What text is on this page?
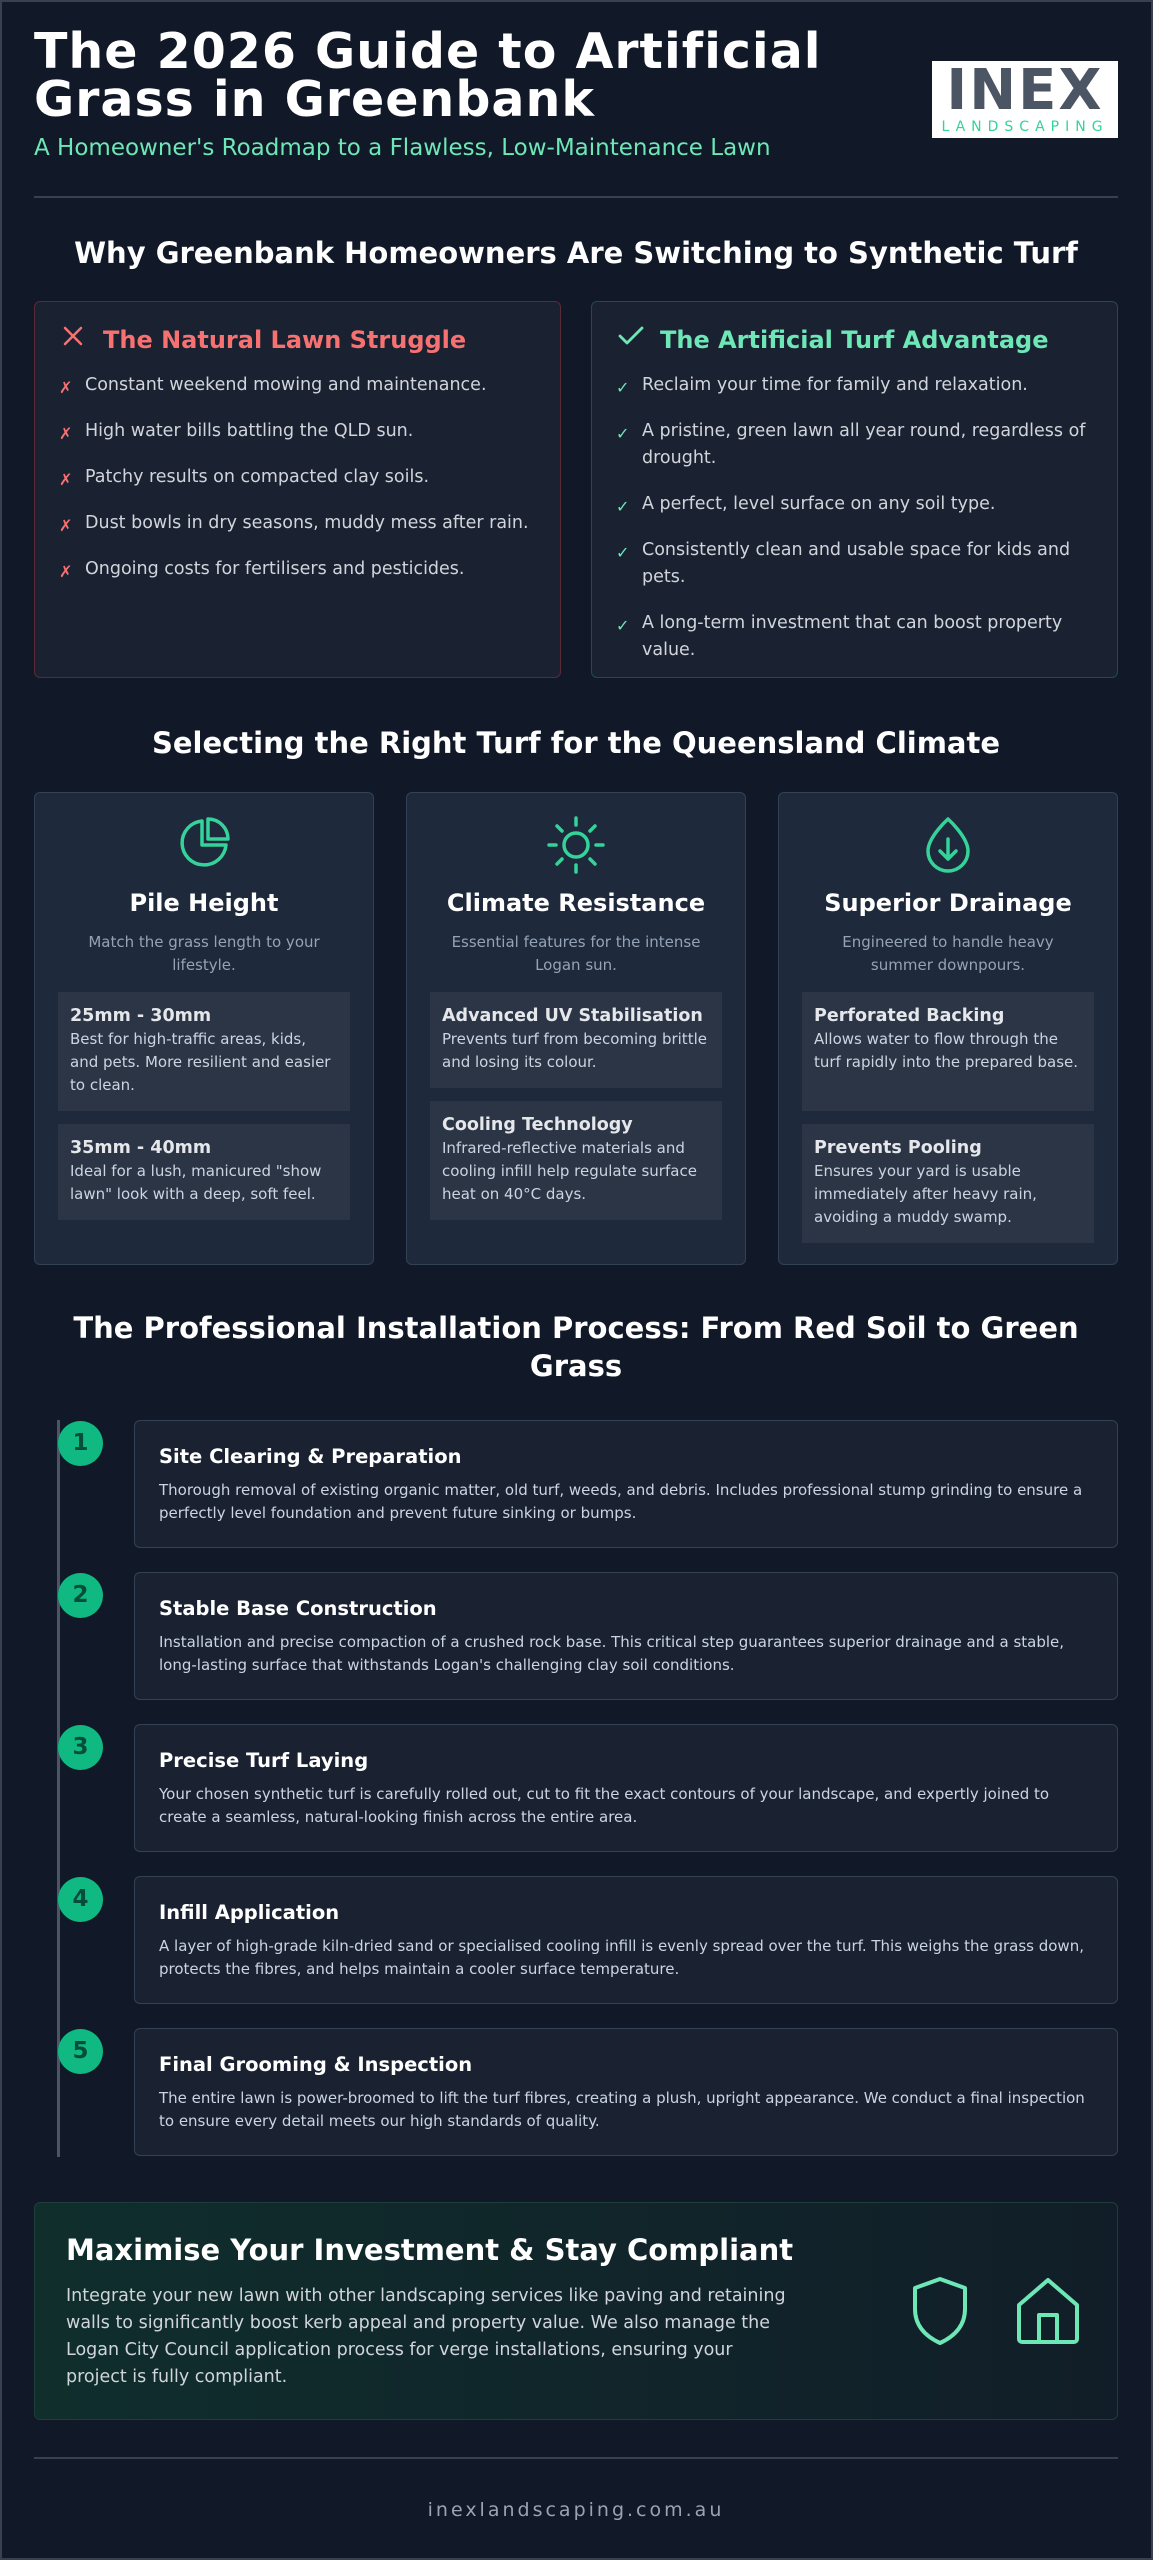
The 2026 Guide to Artificial Grass in Greenbank
A Homeowner's Roadmap to a Flawless, Low-Maintenance Lawn
INEX
LANDSCAPING
Why Greenbank Homeowners Are Switching to Synthetic Turf
The Natural Lawn Struggle
✗ Constant weekend mowing and maintenance.
✗ High water bills battling the QLD sun.
✗ Patchy results on compacted clay soils.
✗ Dust bowls in dry seasons, muddy mess after rain.
✗ Ongoing costs for fertilisers and pesticides.
The Artificial Turf Advantage
✓ Reclaim your time for family and relaxation.
✓ A pristine, green lawn all year round, regardless of drought.
✓ A perfect, level surface on any soil type.
✓ Consistently clean and usable space for kids and pets.
✓ A long-term investment that can boost property value.
Selecting the Right Turf for the Queensland Climate
Pile Height
Match the grass length to your lifestyle.
25mm - 30mm
Best for high-traffic areas, kids, and pets. More resilient and easier to clean.
35mm - 40mm
Ideal for a lush, manicured "show lawn" look with a deep, soft feel.
Climate Resistance
Essential features for the intense Logan sun.
Advanced UV Stabilisation
Prevents turf from becoming brittle and losing its colour.
Cooling Technology
Infrared-reflective materials and cooling infill help regulate surface heat on 40°C days.
Superior Drainage
Engineered to handle heavy summer downpours.
Perforated Backing
Allows water to flow through the turf rapidly into the prepared base.
Prevents Pooling
Ensures your yard is usable immediately after heavy rain, avoiding a muddy swamp.
The Professional Installation Process: From Red Soil to Green Grass
1
Site Clearing & Preparation
Thorough removal of existing organic matter, old turf, weeds, and debris. Includes professional stump grinding to ensure a perfectly level foundation and prevent future sinking or bumps.
2
Stable Base Construction
Installation and precise compaction of a crushed rock base. This critical step guarantees superior drainage and a stable, long-lasting surface that withstands Logan's challenging clay soil conditions.
3
Precise Turf Laying
Your chosen synthetic turf is carefully rolled out, cut to fit the exact contours of your landscape, and expertly joined to create a seamless, natural-looking finish across the entire area.
4
Infill Application
A layer of high-grade kiln-dried sand or specialised cooling infill is evenly spread over the turf. This weighs the grass down, protects the fibres, and helps maintain a cooler surface temperature.
5
Final Grooming & Inspection
The entire lawn is power-broomed to lift the turf fibres, creating a plush, upright appearance. We conduct a final inspection to ensure every detail meets our high standards of quality.
Maximise Your Investment & Stay Compliant
Integrate your new lawn with other landscaping services like paving and retaining walls to significantly boost kerb appeal and property value. We also manage the Logan City Council application process for verge installations, ensuring your project is fully compliant.
inexlandscaping.com.au
